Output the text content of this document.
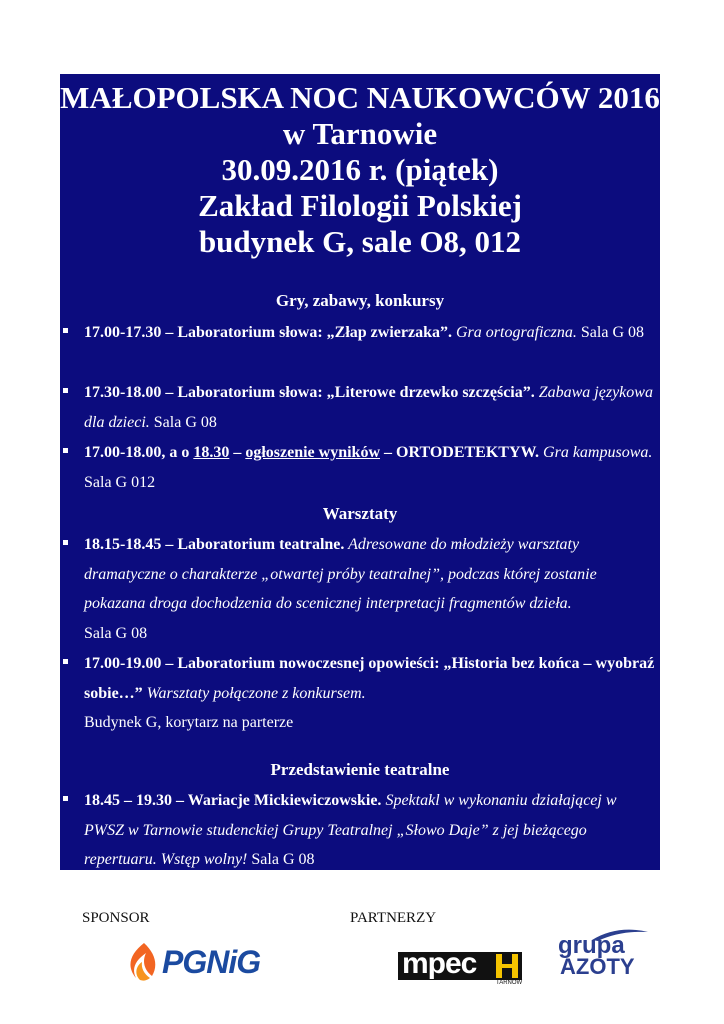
MAŁOPOLSKA NOC NAUKOWCÓW 2016
w Tarnowie
30.09.2016 r. (piątek)
Zakład Filologii Polskiej
budynek G, sale O8, 012
Gry, zabawy, konkursy
17.00-17.30 – Laboratorium słowa: „Złap zwierzaka”. Gra ortograficzna. Sala G 08
17.30-18.00 – Laboratorium słowa: „Literowe drzewko szczęścia”. Zabawa językowa dla dzieci. Sala G 08
17.00-18.00, a o 18.30 – ogłoszenie wyników – ORTODETEKTYW. Gra kampusowa. Sala G 012
Warsztaty
18.15-18.45 – Laboratorium teatralne. Adresowane do młodzieży warsztaty dramatyczne o charakterze „otwartej próby teatralnej”, podczas której zostanie pokazana droga dochodzenia do scenicznej interpretacji fragmentów dzieła.
Sala G 08
17.00-19.00 – Laboratorium nowoczesnej opowieści: „Historia bez końca – wyobraź sobie…” Warsztaty połączone z konkursem.
Budynek G, korytarz na parterze
Przedstawienie teatralne
18.45 – 19.30 – Wariacje Mickiewiczowskie. Spektakl w wykonaniu działającej w PWSZ w Tarnowie studenckiej Grupy Teatralnej „Słowo Daje” z jej bieżącego repertuaru. Wstęp wolny! Sala G 08
SPONSOR	PARTNERZY
PGNiG	mpec
TARNÓW
grupa
AZOTY
